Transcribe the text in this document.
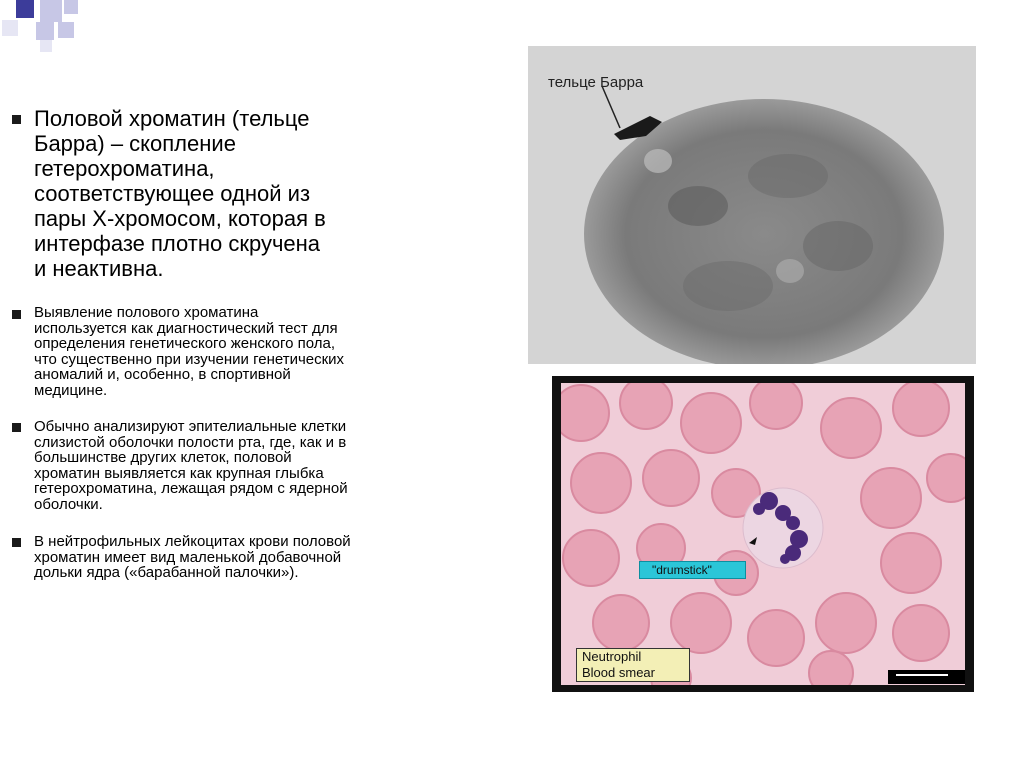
Половой хроматин (тельце
Барра) – скопление
гетерохроматина,
соответствующее одной из
пары Х-хромосом, которая в
интерфазе плотно скручена
и неактивна.
Выявление полового хроматина
используется как диагностический тест для
определения генетического женского пола,
что существенно при изучении генетических
аномалий и, особенно, в спортивной
медицине.
Обычно анализируют эпителиальные клетки
слизистой оболочки полости рта, где, как и в
большинстве других клеток, половой
хроматин выявляется как крупная глыбка
гетерохроматина, лежащая рядом с ядерной
оболочки.
В нейтрофильных лейкоцитах крови половой
хроматин имеет вид маленькой добавочной
дольки ядра («барабанной палочки»).
тельце Барра
"drumstick"
Neutrophil
Blood smear
